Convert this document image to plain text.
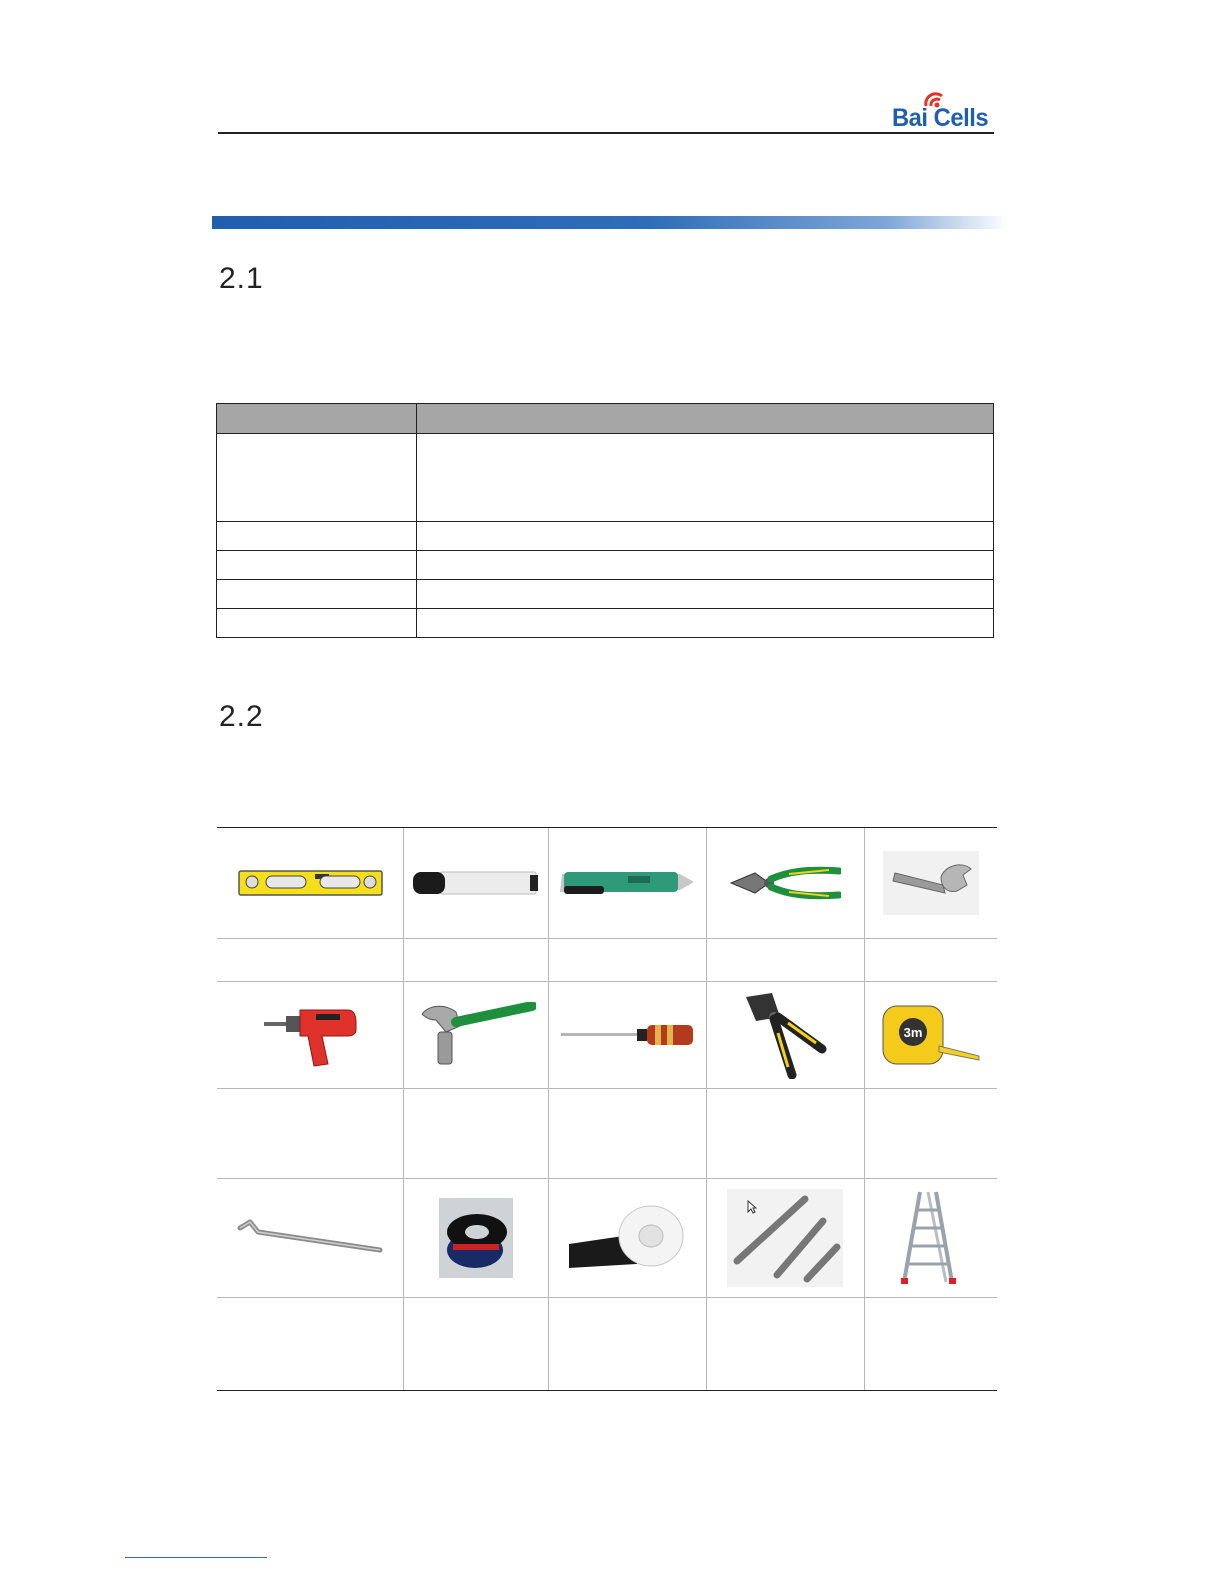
Bai Cells
2.1

2.2
3m
